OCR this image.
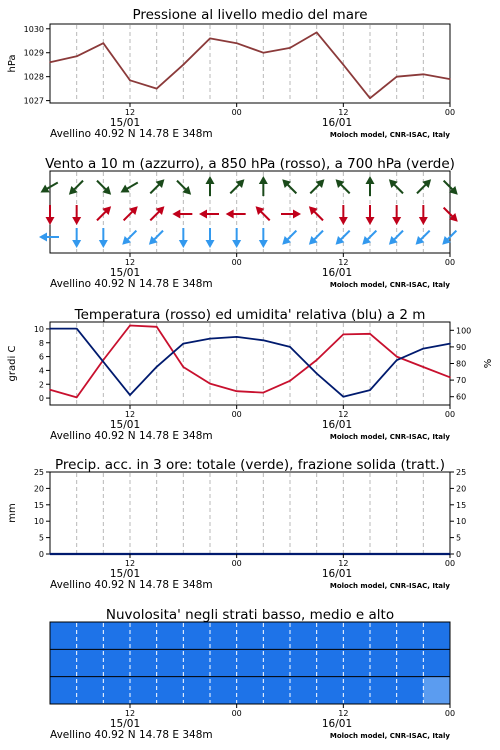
Pressione al livello medio del mare
1027
1028
1029
1030
hPa
12	00	12	00
15/01	16/01
Avellino 40.92 N 14.78 E 348m	Moloch model, CNR-ISAC, Italy
Vento a 10 m (azzurro), a 850 hPa (rosso), a 700 hPa (verde)
12	00	12	00
15/01	16/01
Avellino 40.92 N 14.78 E 348m	Moloch model, CNR-ISAC, Italy
Temperatura (rosso) ed umidita' relativa (blu) a 2 m
0
2
4
6
8
10
60
70
80
90
100
gradi C	%
12	00	12	00
15/01	16/01
Avellino 40.92 N 14.78 E 348m	Moloch model, CNR-ISAC, Italy
Precip. acc. in 3 ore: totale (verde), frazione solida (tratt.)
0
5
10
15
20
25
0
5
10
15
20
25
mm
12	00	12	00
15/01	16/01
Avellino 40.92 N 14.78 E 348m	Moloch model, CNR-ISAC, Italy
Nuvolosita' negli strati basso, medio e alto
12	00	12	00
15/01	16/01
Avellino 40.92 N 14.78 E 348m	Moloch model, CNR-ISAC, Italy
